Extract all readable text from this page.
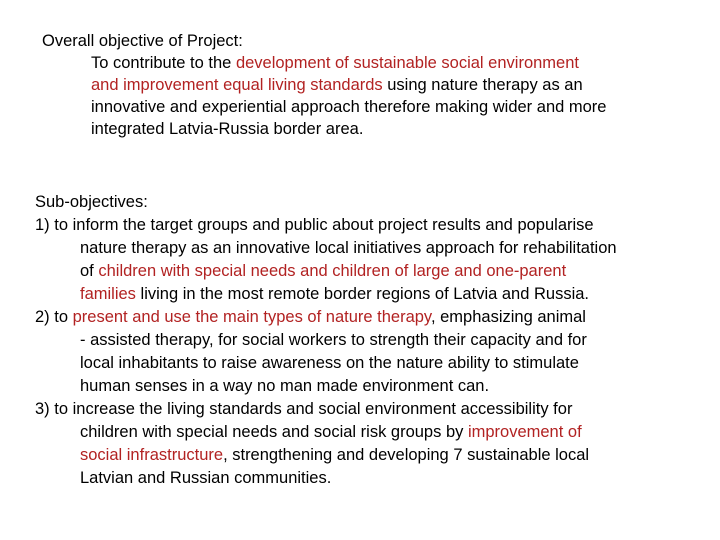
Overall objective of Project:
To contribute to the development of sustainable social environment
and improvement equal living standards using nature therapy as an
innovative and experiential approach therefore making wider and more
integrated Latvia-Russia border area.
Sub-objectives:
1) to inform the target groups and public about project results and popularise
nature therapy as an innovative local initiatives approach for rehabilitation
of children with special needs and children of large and one-parent
families living in the most remote border regions of Latvia and Russia.
2) to present and use the main types of nature therapy, emphasizing animal
- assisted therapy, for social workers to strength their capacity and for
local inhabitants to raise awareness on the nature ability to stimulate
human senses in a way no man made environment can.
3) to increase the living standards and social environment accessibility for
children with special needs and social risk groups by improvement of
social infrastructure, strengthening and developing 7 sustainable local
Latvian and Russian communities.
